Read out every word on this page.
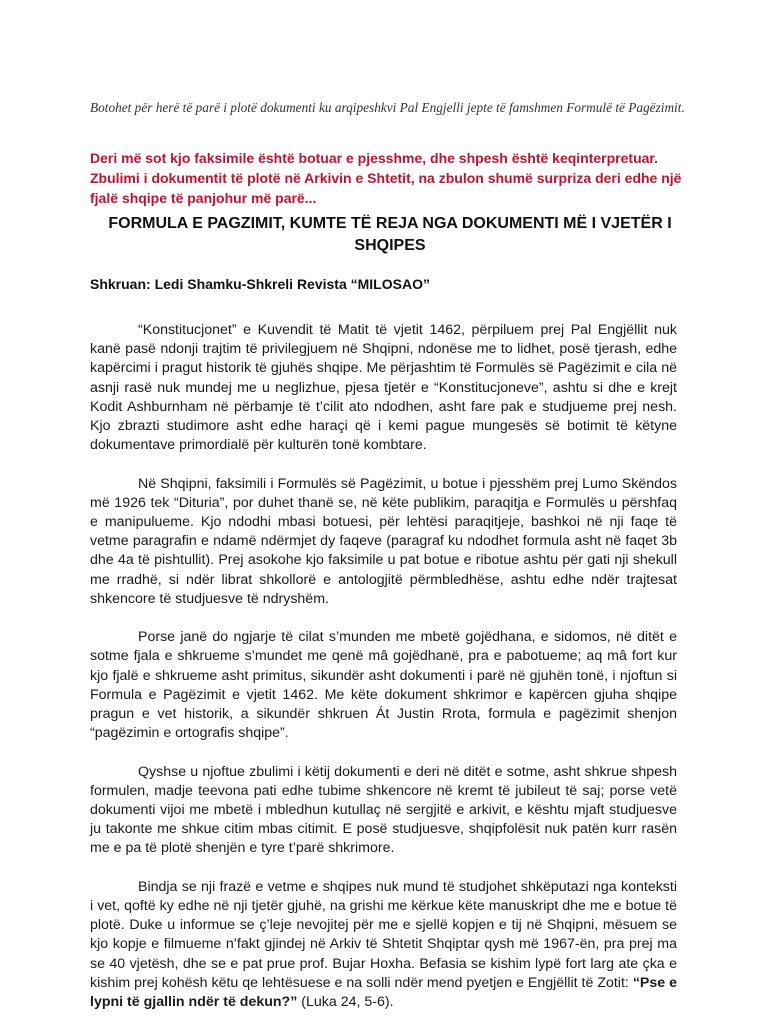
Botohet për herë të parë i plotë dokumenti ku arqipeshkvi Pal Engjelli jepte të famshmen Formulë të Pagëzimit.
Deri më sot kjo faksimile është botuar e pjesshme, dhe shpesh është keqinterpretuar. Zbulimi i dokumentit të plotë në Arkivin e Shtetit, na zbulon shumë surpriza deri edhe një fjalë shqipe të panjohur më parë...
FORMULA E PAGZIMIT, KUMTE TË REJA NGA DOKUMENTI MË I VJETËR I SHQIPES
Shkruan: Ledi Shamku-Shkreli Revista “MILOSAO”

“Konstitucjonet” e Kuvendit të Matit të vjetit 1462, përpiluem prej Pal Engjëllit nuk kanë pasë ndonji trajtim të privilegjuem në Shqipni, ndonëse me to lidhet, posë tjerash, edhe kapërcimi i pragut historik të gjuhës shqipe. Me përjashtim të Formulës së Pagëzimit e cila në asnji rasë nuk mundej me u neglizhue, pjesa tjetër e “Konstitucjoneve”, ashtu si dhe e krejt Kodit Ashburnham në përbamje të t’cilit ato ndodhen, asht fare pak e studjueme prej nesh. Kjo zbrazti studimore asht edhe haraçi që i kemi pague mungesës së botimit të këtyne dokumentave primordialë për kulturën tonë kombtare.

Në Shqipni, faksimili i Formulës së Pagëzimit, u botue i pjesshëm prej Lumo Skëndos më 1926 tek “Dituria”, por duhet thanë se, në këte publikim, paraqitja e Formulës u përshfaq e manipulueme. Kjo ndodhi mbasi botuesi, për lehtësi paraqitjeje, bashkoi në nji faqe të vetme paragrafin e ndamë ndërmjet dy faqeve (paragraf ku ndodhet formula asht në faqet 3b dhe 4a të pishtullit). Prej asokohe kjo faksimile u pat botue e ribotue ashtu për gati nji shekull me rradhë, si ndër librat shkollorë e antologjitë përmbledhëse, ashtu edhe ndër trajtesat shkencore të studjuesve të ndryshëm.

Porse janë do ngjarje të cilat s’munden me mbetë gojëdhana, e sidomos, në ditët e sotme fjala e shkrueme s’mundet me qenë mâ gojëdhanë, pra e pabotueme; aq mâ fort kur kjo fjalë e shkrueme asht primitus, sikundër asht dokumenti i parë në gjuhën tonë, i njoftun si Formula e Pagëzimit e vjetit 1462. Me këte dokument shkrimor e kapërcen gjuha shqipe pragun e vet historik, a sikundër shkruen Át Justin Rrota, formula e pagëzimit shenjon “pagëzimin e ortografis shqipe”.

Qyshse u njoftue zbulimi i këtij dokumenti e deri në ditët e sotme, asht shkrue shpesh formulen, madje teevona pati edhe tubime shkencore në kremt të jubileut të saj; porse vetë dokumenti vijoi me mbetë i mbledhun kutullaç në sergjitë e arkivit, e kështu mjaft studjuesve ju takonte me shkue citim mbas citimit. E posë studjuesve, shqipfolësit nuk patën kurr rasën me e pa të plotë shenjën e tyre t’parë shkrimore.

Bindja se nji frazë e vetme e shqipes nuk mund të studjohet shkëputazi nga konteksti i vet, qoftë ky edhe në nji tjetër gjuhë, na grishi me kërkue këte manuskript dhe me e botue të plotë. Duke u informue se ç’leje nevojitej për me e sjellë kopjen e tij në Shqipni, mësuem se kjo kopje e filmueme n’fakt gjindej në Arkiv të Shtetit Shqiptar qysh më 1967-ën, pra prej ma se 40 vjetësh, dhe se e pat prue prof. Bujar Hoxha. Befasia se kishim lypë fort larg ate çka e kishim prej kohësh këtu qe lehtësuese e na solli ndër mend pyetjen e Engjëllit të Zotit: “Pse e lypni të gjallin ndër të dekun?” (Luka 24, 5-6).
